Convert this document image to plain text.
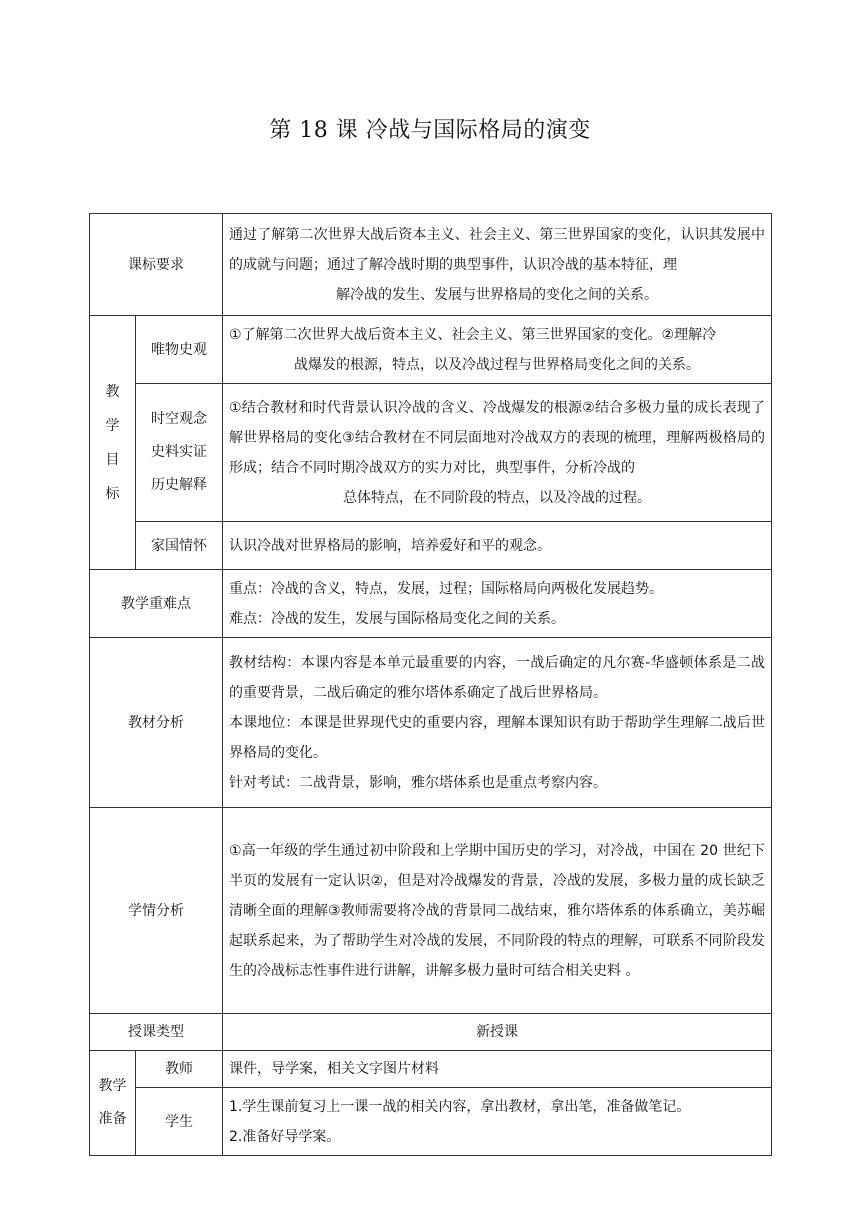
第 18 课 冷战与国际格局的演变
课标要求		通过了解第二次世界大战后资本主义、社会主义、第三世界国家的变化，认识其发展中的成就与问题；通过了解冷战时期的典型事件，认识冷战的基本特征，理
解冷战的发生、发展与世界格局的变化之间的关系。

教
学
目
标	唯物史观	①了解第二次世界大战后资本主义、社会主义、第三世界国家的变化。②理解冷
战爆发的根源，特点，以及冷战过程与世界格局变化之间的关系。

	时空观念
史料实证
历史解释	①结合教材和时代背景认识冷战的含义、冷战爆发的根源②结合多极力量的成长表现了解世界格局的变化③结合教材在不同层面地对冷战双方的表现的梳理，理解两极格局的形成；结合不同时期冷战双方的实力对比，典型事件，分析冷战的
总体特点，在不同阶段的特点，以及冷战的过程。

	家国情怀	认识冷战对世界格局的影响，培养爱好和平的观念。
教学重难点		重点：冷战的含义，特点，发展，过程；国际格局向两极化发展趋势。
难点：冷战的发生，发展与国际格局变化之间的关系。

教材分析		教材结构：本课内容是本单元最重要的内容，一战后确定的凡尔赛-华盛顿体系是二战的重要背景，二战后确定的雅尔塔体系确定了战后世界格局。
本课地位：本课是世界现代史的重要内容，理解本课知识有助于帮助学生理解二战后世界格局的变化。
针对考试：二战背景，影响，雅尔塔体系也是重点考察内容。

学情分析		①高一年级的学生通过初中阶段和上学期中国历史的学习，对冷战，中国在 20 世纪下半页的发展有一定认识②，但是对冷战爆发的背景，冷战的发展，多极力量的成长缺乏清晰全面的理解③教师需要将冷战的背景同二战结束，雅尔塔体系的体系确立，美苏崛起联系起来，为了帮助学生对冷战的发展，不同阶段的特点的理解，可联系不同阶段发生的冷战标志性事件进行讲解，讲解多极力量时可结合相关史料 。
授课类型		新授课

教学
准备	教师	课件，导学案，相关文字图片材料
	学生	1.学生课前复习上一课一战的相关内容，拿出教材，拿出笔，准备做笔记。
2.准备好导学案。
